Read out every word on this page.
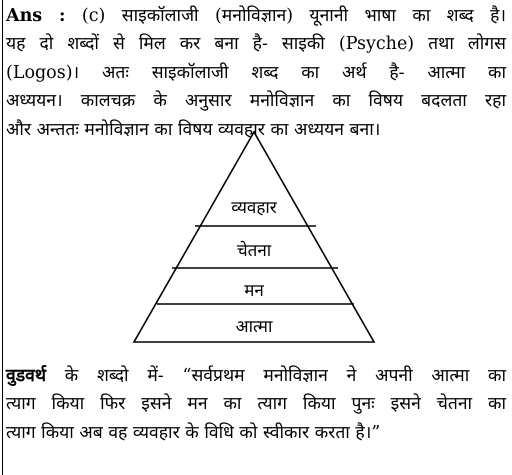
Ans : (c) साइकॉलाजी (मनोविज्ञान) यूनानी भाषा का शब्द है।
यह दो शब्दों से मिल कर बना है- साइकी (Psyche) तथा लोगस
(Logos)। अतः साइकॉलाजी शब्द का अर्थ है- आत्मा का
अध्ययन। कालचक्र के अनुसार मनोविज्ञान का विषय बदलता रहा
और अन्ततः मनोविज्ञान का विषय व्यवहार का अध्ययन बना।
व्यवहार
चेतना
मन
आत्मा
वुडवर्थ के शब्दो में- “सर्वप्रथम मनोविज्ञान ने अपनी आत्मा का
त्याग किया फिर इसने मन का त्याग किया पुनः इसने चेतना का
त्याग किया अब वह व्यवहार के विधि को स्वीकार करता है।”
